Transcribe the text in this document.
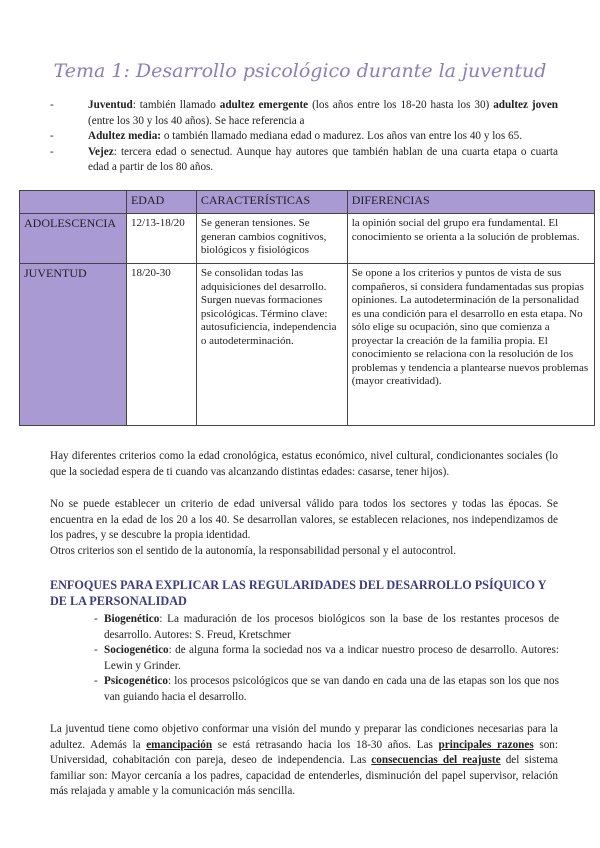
Tema 1: Desarrollo psicológico durante la juventud
-	Juventud: también llamado adultez emergente (los años entre los 18-20 hasta los 30) adultez joven (entre los 30 y los 40 años). Se hace referencia a
-	Adultez media: o también llamado mediana edad o madurez. Los años van entre los 40 y los 65.
-	Vejez: tercera edad o senectud. Aunque hay autores que también hablan de una cuarta etapa o cuarta edad a partir de los 80 años.
	EDAD	CARACTERÍSTICAS	DIFERENCIAS
ADOLESCENCIA	12/13-18/20	Se generan tensiones. Se generan cambios cognitivos, biológicos y fisiológicos	la opinión social del grupo era fundamental. El conocimiento se orienta a la solución de problemas.
JUVENTUD	18/20-30	Se consolidan todas las adquisiciones del desarrollo. Surgen nuevas formaciones psicológicas. Término clave: autosuficiencia, independencia o autodeterminación.	Se opone a los criterios y puntos de vista de sus compañeros, si considera fundamentadas sus propias opiniones. La autodeterminación de la personalidad es una condición para el desarrollo en esta etapa. No sólo elige su ocupación, sino que comienza a proyectar la creación de la familia propia. El conocimiento se relaciona con la resolución de los problemas y tendencia a plantearse nuevos problemas (mayor creatividad).
Hay diferentes criterios como la edad cronológica, estatus económico, nivel cultural, condicionantes sociales (lo que la sociedad espera de ti cuando vas alcanzando distintas edades: casarse, tener hijos).
No se puede establecer un criterio de edad universal válido para todos los sectores y todas las épocas. Se encuentra en la edad de los 20 a los 40. Se desarrollan valores, se establecen relaciones, nos independizamos de los padres, y se descubre la propia identidad.
Otros criterios son el sentido de la autonomía, la responsabilidad personal y el autocontrol.
ENFOQUES PARA EXPLICAR LAS REGULARIDADES DEL DESARROLLO PSÍQUICO Y DE LA PERSONALIDAD
- Biogenético: La maduración de los procesos biológicos son la base de los restantes procesos de desarrollo. Autores: S. Freud, Kretschmer
- Sociogenético: de alguna forma la sociedad nos va a indicar nuestro proceso de desarrollo. Autores: Lewin y Grinder.
- Psicogenético: los procesos psicológicos que se van dando en cada una de las etapas son los que nos van guiando hacia el desarrollo.
La juventud tiene como objetivo conformar una visión del mundo y preparar las condiciones necesarias para la adultez. Además la emancipación se está retrasando hacia los 18-30 años. Las principales razones son: Universidad, cohabitación con pareja, deseo de independencia. Las consecuencias del reajuste del sistema familiar son: Mayor cercanía a los padres, capacidad de entenderles, disminución del papel supervisor, relación más relajada y amable y la comunicación más sencilla.
